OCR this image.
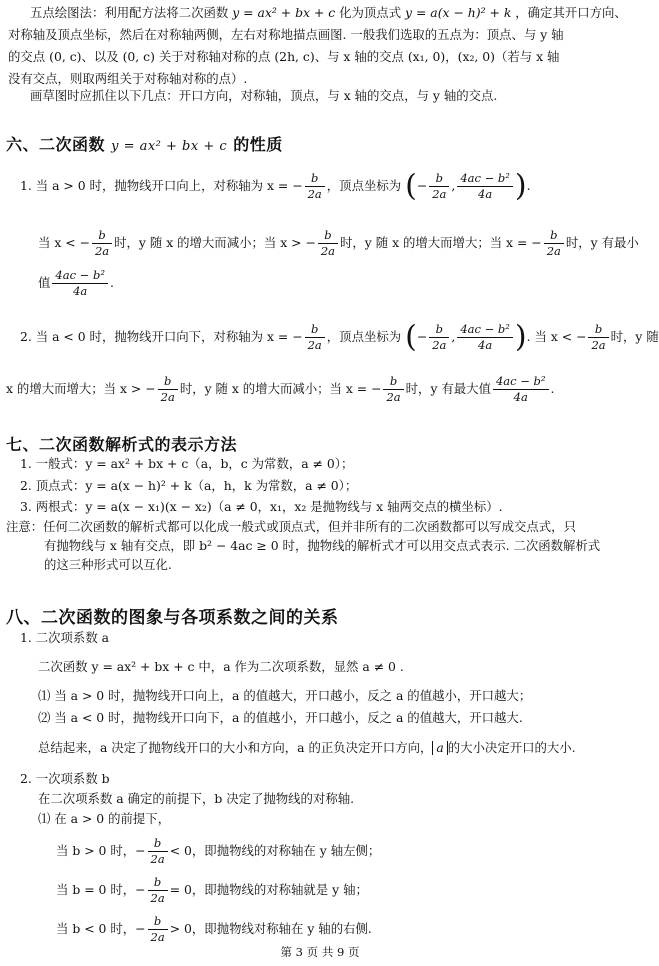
五点绘图法：利用配方法将二次函数 y = ax² + bx + c 化为顶点式 y = a(x − h)² + k ，确定其开口方向、
对称轴及顶点坐标，然后在对称轴两侧，左右对称地描点画图. 一般我们选取的五点为：顶点、与 y 轴
的交点 (0, c)、以及 (0, c) 关于对称轴对称的点 (2h, c)、与 x 轴的交点 (x₁, 0)，(x₂, 0)（若与 x 轴
没有交点，则取两组关于对称轴对称的点）.
画草图时应抓住以下几点：开口方向，对称轴，顶点，与 x 轴的交点，与 y 轴的交点.
六、二次函数 y = ax² + bx + c 的性质
1. 当 a > 0 时，抛物线开口向上，对称轴为 x = − $\frac{b}{2a}$ ，顶点坐标为 (− $\frac{b}{2a}$ , $\frac{\text{4ac − b²}}{4a}$ ).
当 x < − $\frac{b}{2a}$ 时，y 随 x 的增大而减小；当 x > − $\frac{b}{2a}$ 时，y 随 x 的增大而增大；当 x = − $\frac{b}{2a}$ 时，y 有最小
值 $\frac{\text{4ac − b²}}{4a}$ .
2. 当 a < 0 时，抛物线开口向下，对称轴为 x = − $\frac{b}{2a}$ ，顶点坐标为 (− $\frac{b}{2a}$ , $\frac{\text{4ac − b²}}{4a}$ ). 当 x < − $\frac{b}{2a}$ 时，y 随
x 的增大而增大；当 x > − $\frac{b}{2a}$ 时，y 随 x 的增大而减小；当 x = − $\frac{b}{2a}$ 时，y 有最大值 $\frac{\text{4ac − b²}}{4a}$ .
七、二次函数解析式的表示方法
1. 一般式：y = ax² + bx + c（a，b，c 为常数，a ≠ 0）；
2. 顶点式：y = a(x − h)² + k（a，h，k 为常数，a ≠ 0）；
3. 两根式：y = a(x − x₁)(x − x₂)（a ≠ 0，x₁，x₂ 是抛物线与 x 轴两交点的横坐标）.
注意：任何二次函数的解析式都可以化成一般式或顶点式，但并非所有的二次函数都可以写成交点式，只
有抛物线与 x 轴有交点，即 b² − 4ac ≥ 0 时，抛物线的解析式才可以用交点式表示. 二次函数解析式
的这三种形式可以互化.
八、二次函数的图象与各项系数之间的关系
1. 二次项系数 a
二次函数 y = ax² + bx + c 中，a 作为二次项系数，显然 a ≠ 0 .
⑴ 当 a > 0 时，抛物线开口向上，a 的值越大，开口越小，反之 a 的值越小，开口越大；
⑵ 当 a < 0 时，抛物线开口向下，a 的值越小，开口越小，反之 a 的值越大，开口越大.
总结起来，a 决定了抛物线开口的大小和方向，a 的正负决定开口方向， a 的大小决定开口的大小.
2. 一次项系数 b
在二次项系数 a 确定的前提下，b 决定了抛物线的对称轴.
⑴ 在 a > 0 的前提下，
当 b > 0 时，− $\frac{b}{2a} < 0$，即抛物线的对称轴在 y 轴左侧；
当 b = 0 时，− $\frac{b}{2a} = 0$，即抛物线的对称轴就是 y 轴；
当 b < 0 时，− $\frac{b}{2a} > 0$，即抛物线对称轴在 y 轴的右侧.
第 3 页 共 9 页
